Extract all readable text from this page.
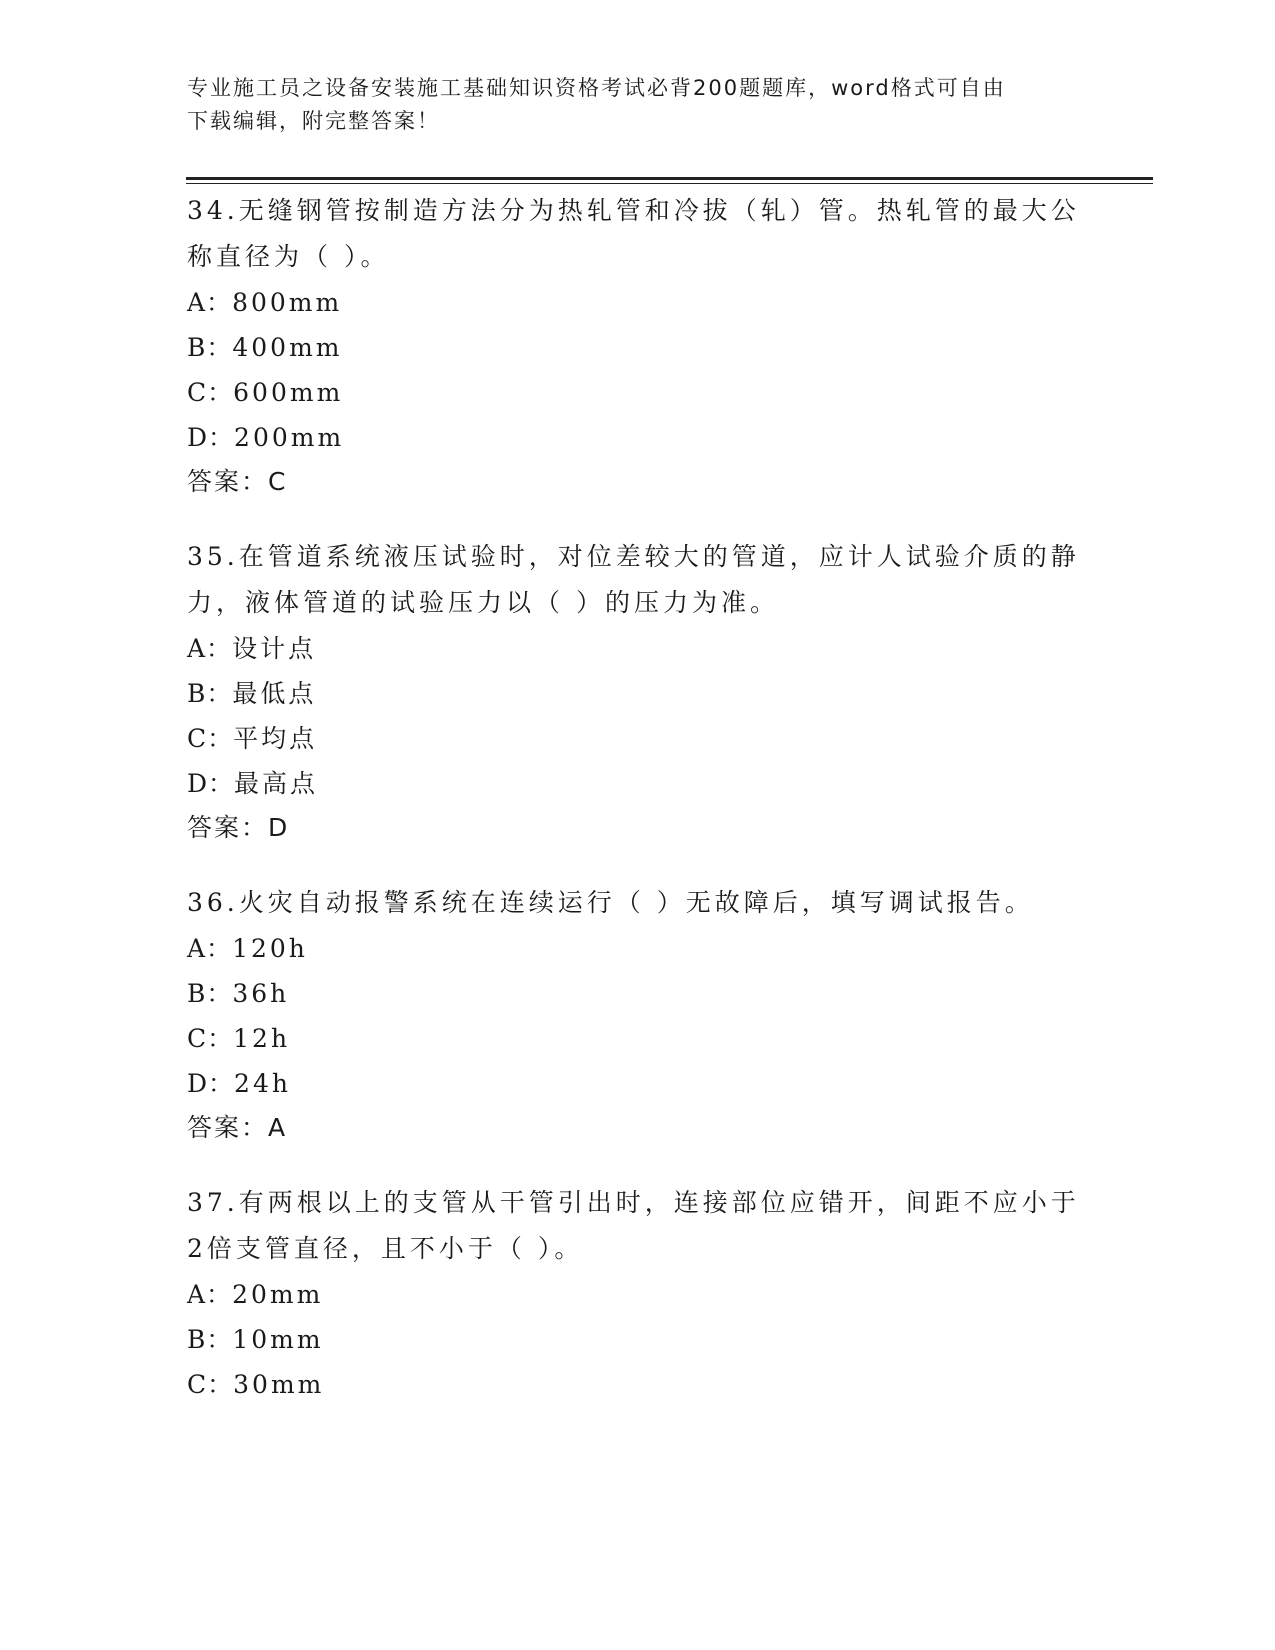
专业施工员之设备安装施工基础知识资格考试必背200题题库，word格式可自由
下载编辑，附完整答案！

34.无缝钢管按制造方法分为热轧管和冷拔（轧）管。热轧管的最大公

称直径为（ ）。

A：800mm

B：400mm

C：600mm

D：200mm

答案：C

35.在管道系统液压试验时，对位差较大的管道，应计人试验介质的静

力，液体管道的试验压力以（ ）的压力为准。

A：设计点

B：最低点

C：平均点

D：最高点

答案：D

36.火灾自动报警系统在连续运行（ ）无故障后，填写调试报告。

A：120h

B：36h

C：12h

D：24h

答案：A

37.有两根以上的支管从干管引出时，连接部位应错开，间距不应小于

2倍支管直径，且不小于（ ）。

A：20mm

B：10mm

C：30mm
